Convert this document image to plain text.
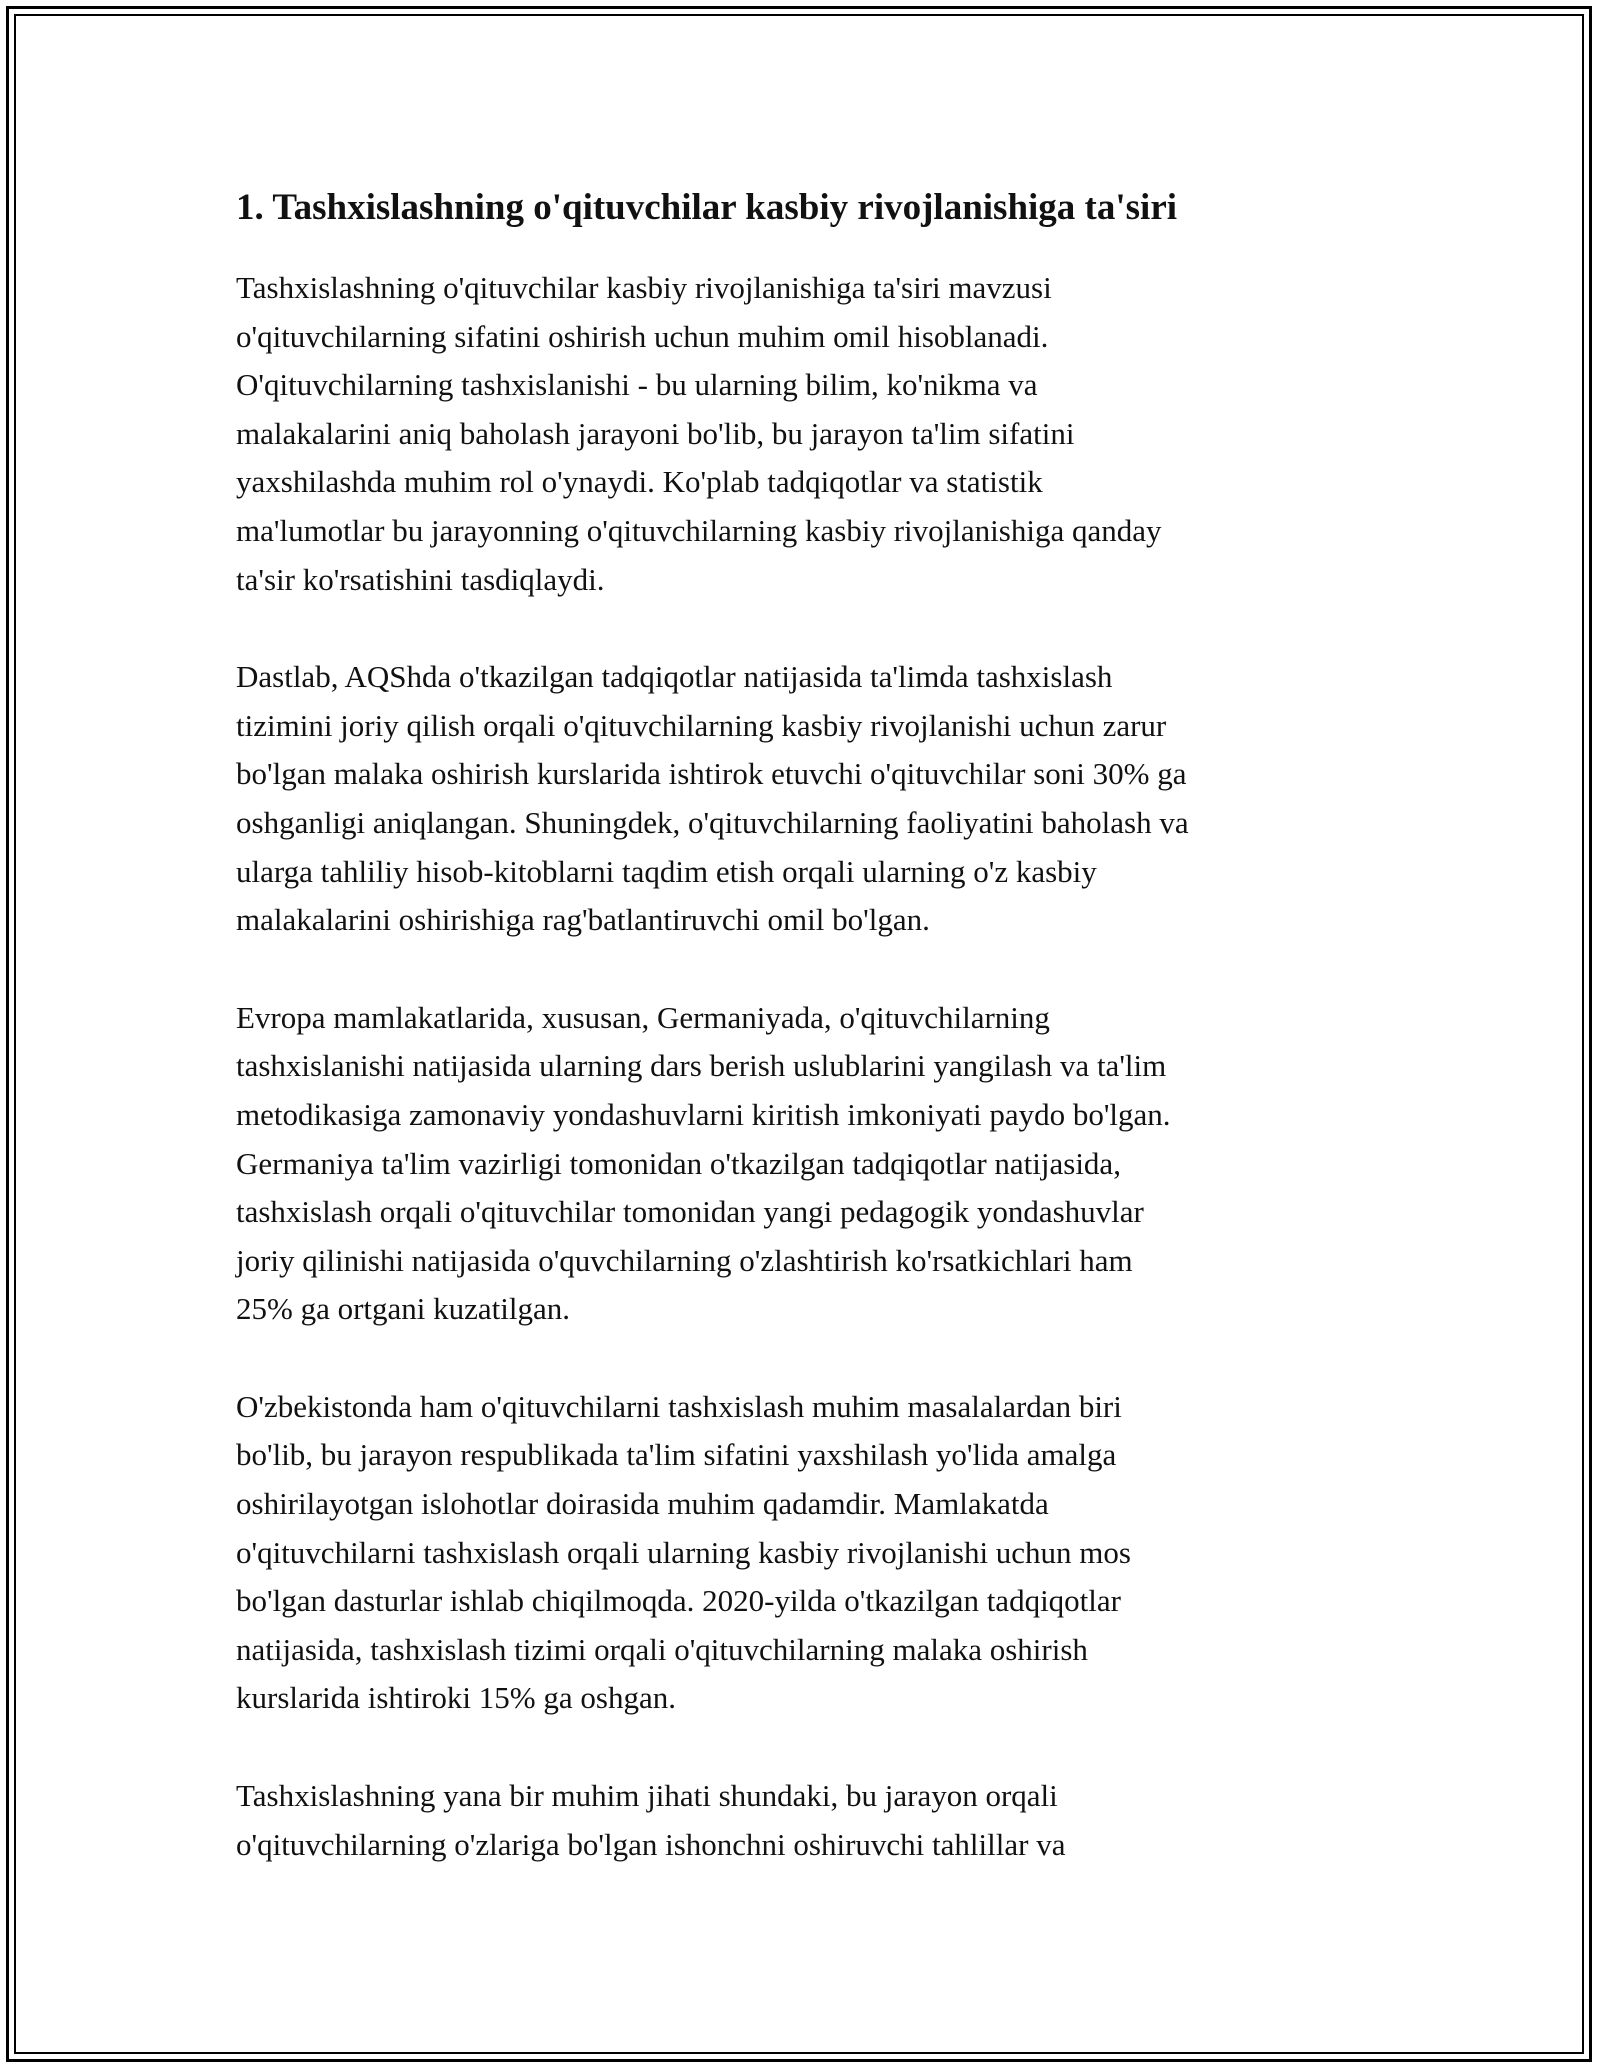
1. Tashxislashning o'qituvchilar kasbiy rivojlanishiga ta'siri

Tashxislashning o'qituvchilar kasbiy rivojlanishiga ta'siri mavzusi
o'qituvchilarning sifatini oshirish uchun muhim omil hisoblanadi.
O'qituvchilarning tashxislanishi - bu ularning bilim, ko'nikma va
malakalarini aniq baholash jarayoni bo'lib, bu jarayon ta'lim sifatini
yaxshilashda muhim rol o'ynaydi. Ko'plab tadqiqotlar va statistik
ma'lumotlar bu jarayonning o'qituvchilarning kasbiy rivojlanishiga qanday
ta'sir ko'rsatishini tasdiqlaydi.

Dastlab, AQShda o'tkazilgan tadqiqotlar natijasida ta'limda tashxislash
tizimini joriy qilish orqali o'qituvchilarning kasbiy rivojlanishi uchun zarur
bo'lgan malaka oshirish kurslarida ishtirok etuvchi o'qituvchilar soni 30% ga
oshganligi aniqlangan. Shuningdek, o'qituvchilarning faoliyatini baholash va
ularga tahliliy hisob-kitoblarni taqdim etish orqali ularning o'z kasbiy
malakalarini oshirishiga rag'batlantiruvchi omil bo'lgan.

Evropa mamlakatlarida, xususan, Germaniyada, o'qituvchilarning
tashxislanishi natijasida ularning dars berish uslublarini yangilash va ta'lim
metodikasiga zamonaviy yondashuvlarni kiritish imkoniyati paydo bo'lgan.
Germaniya ta'lim vazirligi tomonidan o'tkazilgan tadqiqotlar natijasida,
tashxislash orqali o'qituvchilar tomonidan yangi pedagogik yondashuvlar
joriy qilinishi natijasida o'quvchilarning o'zlashtirish ko'rsatkichlari ham
25% ga ortgani kuzatilgan.

O'zbekistonda ham o'qituvchilarni tashxislash muhim masalalardan biri
bo'lib, bu jarayon respublikada ta'lim sifatini yaxshilash yo'lida amalga
oshirilayotgan islohotlar doirasida muhim qadamdir. Mamlakatda
o'qituvchilarni tashxislash orqali ularning kasbiy rivojlanishi uchun mos
bo'lgan dasturlar ishlab chiqilmoqda. 2020-yilda o'tkazilgan tadqiqotlar
natijasida, tashxislash tizimi orqali o'qituvchilarning malaka oshirish
kurslarida ishtiroki 15% ga oshgan.

Tashxislashning yana bir muhim jihati shundaki, bu jarayon orqali
o'qituvchilarning o'zlariga bo'lgan ishonchni oshiruvchi tahlillar va
